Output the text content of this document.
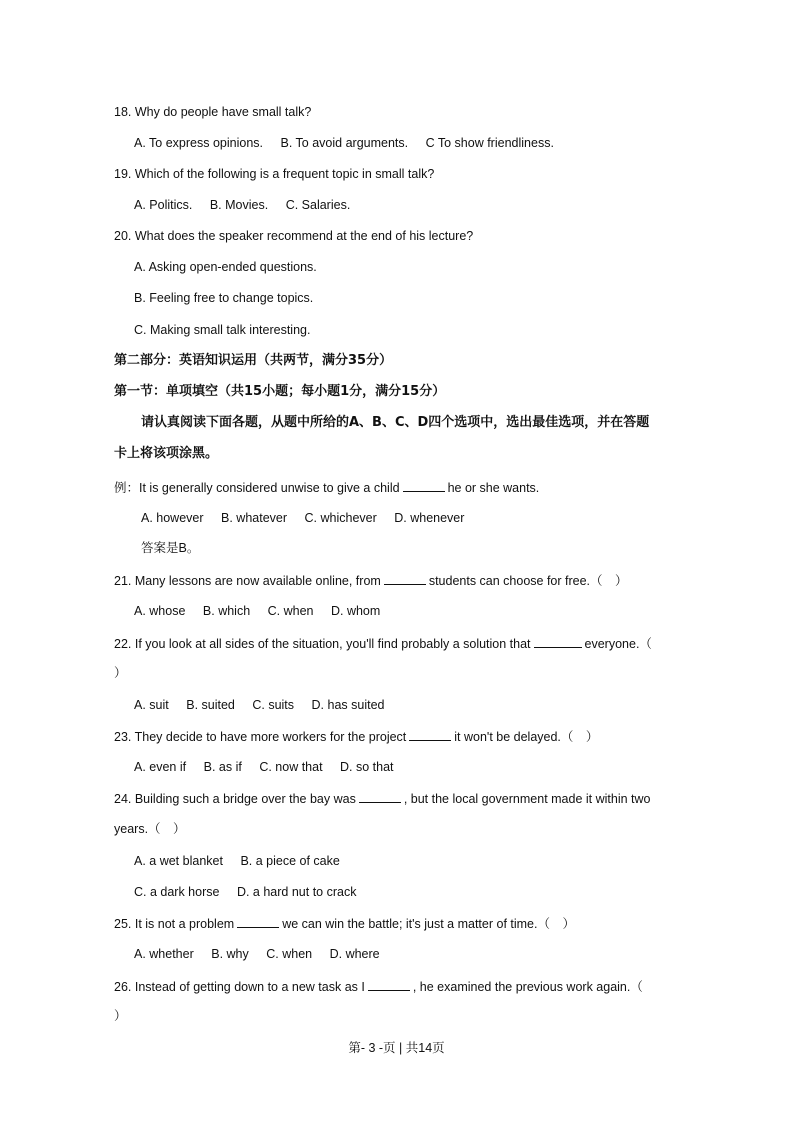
18. Why do people have small talk?
A. To express opinions. B. To avoid arguments. C To show friendliness.
19. Which of the following is a frequent topic in small talk?
A. Politics. B. Movies. C. Salaries.
20. What does the speaker recommend at the end of his lecture?
A. Asking open-ended questions.
B. Feeling free to change topics.
C. Making small talk interesting.
第二部分：英语知识运用（共两节，满分35分）
第一节：单项填空（共15小题；每小题1分，满分15分）
请认真阅读下面各题，从题中所给的A、B、C、D四个选项中，选出最佳选项，并在答题
卡上将该项涂黑。
例：It is generally considered unwise to give a child	he or she wants.
A. however B. whatever C. whichever D. whenever
答案是B。
21. Many lessons are now available online, from	students can choose for free.（　）
A. whose B. which C. when D. whom
22. If you look at all sides of the situation, you'll find probably a solution that	everyone.（
）
A. suit B. suited C. suits D. has suited
23. They decide to have more workers for the project	it won't be delayed.（　）
A. even if B. as if C. now that D. so that
24. Building such a bridge over the bay was	, but the local government made it within two
years.（　）
A. a wet blanket B. a piece of cake
C. a dark horse D. a hard nut to crack
25. It is not a problem	we can win the battle; it's just a matter of time.（　）
A. whether B. why C. when D. where
26. Instead of getting down to a new task as I	, he examined the previous work again.（
）
第- 3 -页 | 共14页
